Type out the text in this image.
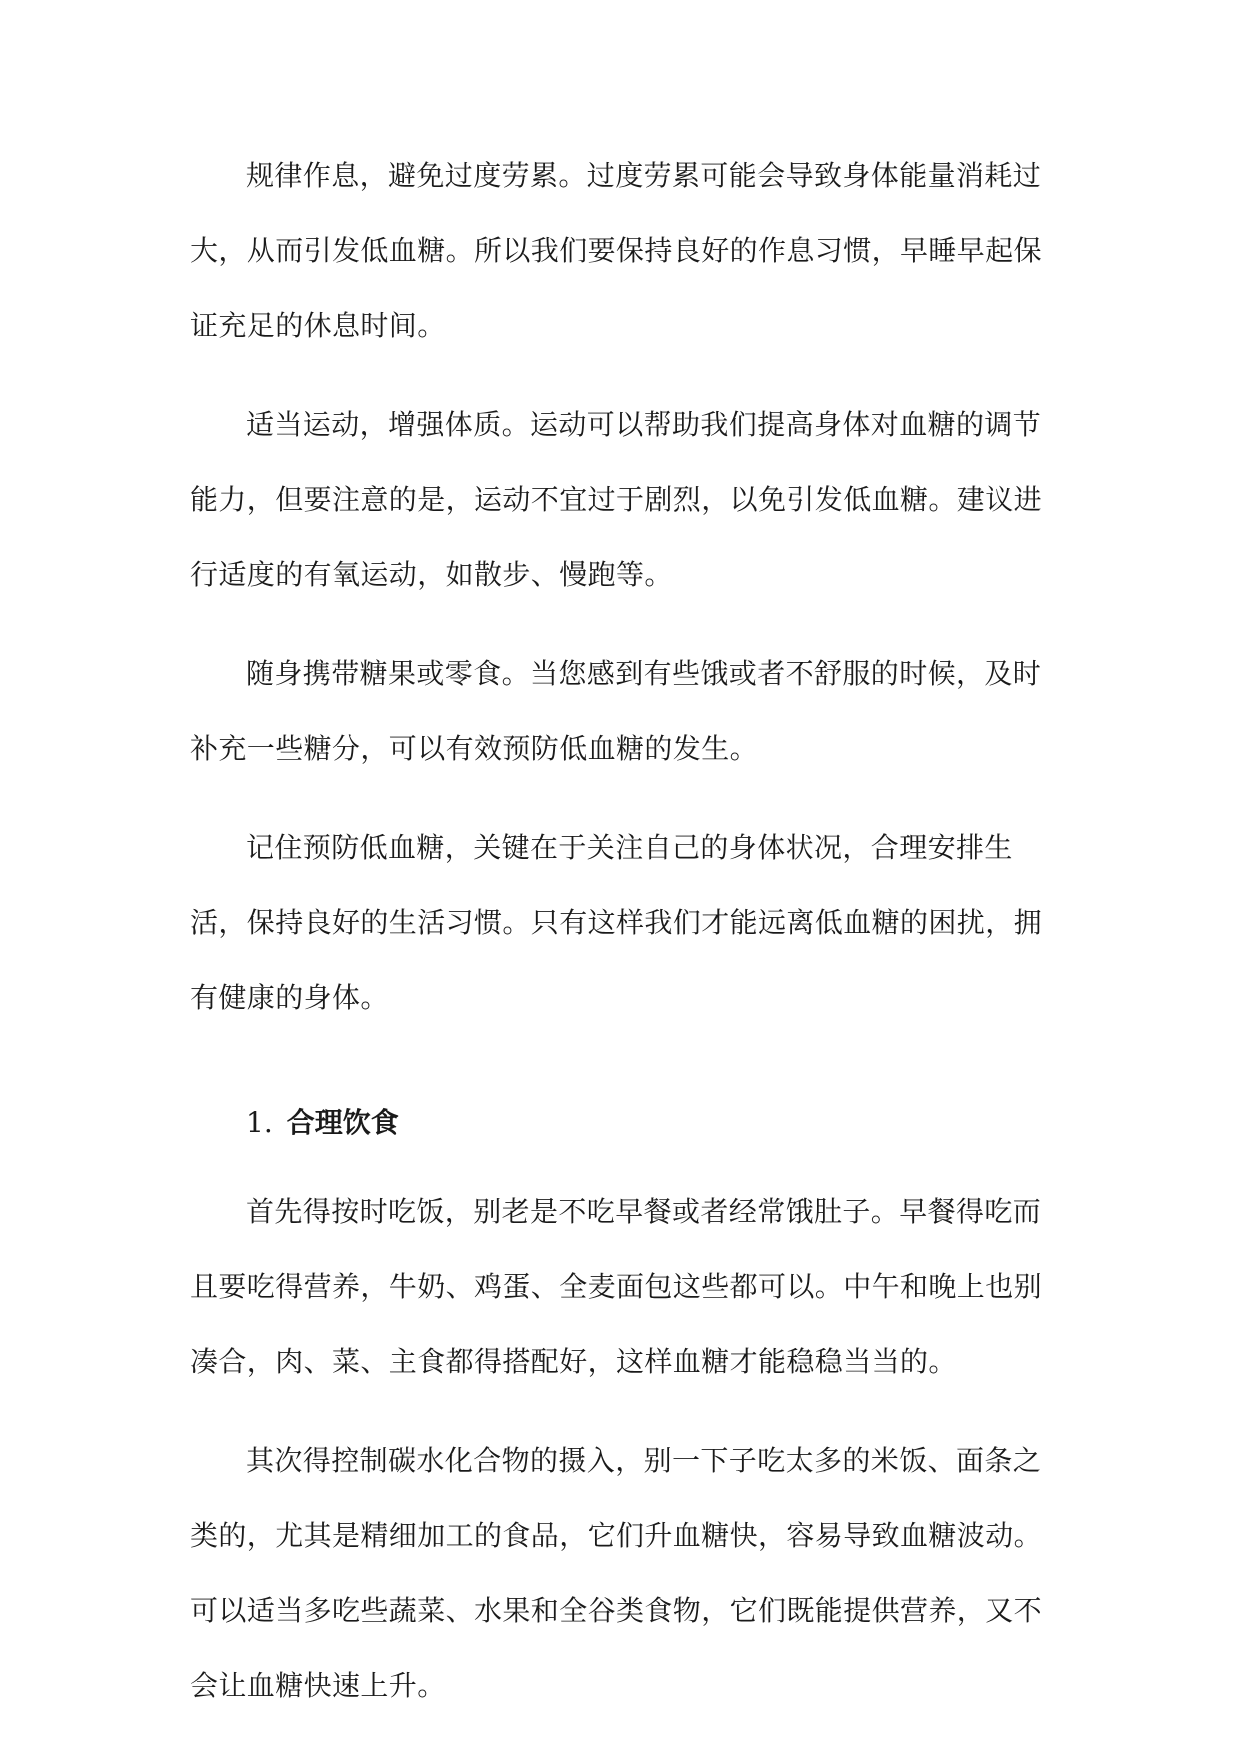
规律作息，避免过度劳累。过度劳累可能会导致身体能量消耗过大，从而引发低血糖。所以我们要保持良好的作息习惯，早睡早起保证充足的休息时间。

适当运动，增强体质。运动可以帮助我们提高身体对血糖的调节能力，但要注意的是，运动不宜过于剧烈，以免引发低血糖。建议进行适度的有氧运动，如散步、慢跑等。

随身携带糖果或零食。当您感到有些饿或者不舒服的时候，及时补充一些糖分，可以有效预防低血糖的发生。

记住预防低血糖，关键在于关注自己的身体状况，合理安排生活，保持良好的生活习惯。只有这样我们才能远离低血糖的困扰，拥有健康的身体。

1. 合理饮食

首先得按时吃饭，别老是不吃早餐或者经常饿肚子。早餐得吃而且要吃得营养，牛奶、鸡蛋、全麦面包这些都可以。中午和晚上也别凑合，肉、菜、主食都得搭配好，这样血糖才能稳稳当当的。

其次得控制碳水化合物的摄入，别一下子吃太多的米饭、面条之类的，尤其是精细加工的食品，它们升血糖快，容易导致血糖波动。可以适当多吃些蔬菜、水果和全谷类食物，它们既能提供营养，又不会让血糖快速上升。
